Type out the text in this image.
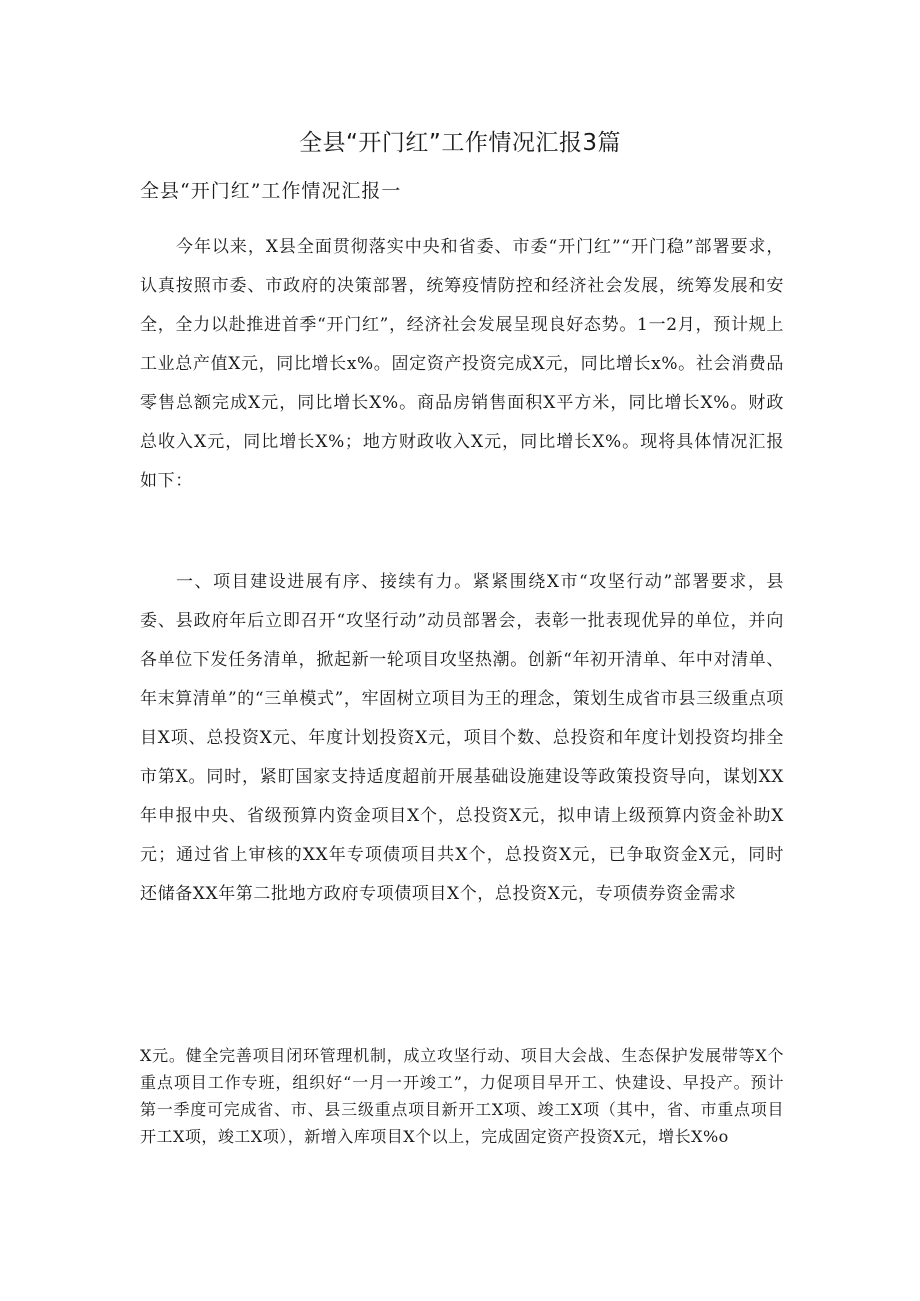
全县“开门红”工作情况汇报3篇
全县“开门红”工作情况汇报一

今年以来，X县全面贯彻落实中央和省委、市委“开门红”“开门稳”部署要求，认真按照市委、市政府的决策部署，统筹疫情防控和经济社会发展，统筹发展和安全，全力以赴推进首季“开门红”，经济社会发展呈现良好态势。1一2月，预计规上工业总产值X元，同比增长x%。固定资产投资完成X元，同比增长x%。社会消费品零售总额完成X元，同比增长X%。商品房销售面积X平方米，同比增长X%。财政总收入X元，同比增长X%；地方财政收入X元，同比增长X%。现将具体情况汇报如下：

一、项目建设进展有序、接续有力。紧紧围绕X市“攻坚行动”部署要求，县委、县政府年后立即召开“攻坚行动”动员部署会，表彰一批表现优异的单位，并向各单位下发任务清单，掀起新一轮项目攻坚热潮。创新“年初开清单、年中对清单、年末算清单”的“三单模式”，牢固树立项目为王的理念，策划生成省市县三级重点项目X项、总投资X元、年度计划投资X元，项目个数、总投资和年度计划投资均排全市第X。同时，紧盯国家支持适度超前开展基础设施建设等政策投资导向，谋划XX年申报中央、省级预算内资金项目X个，总投资X元，拟申请上级预算内资金补助X元；通过省上审核的XX年专项债项目共X个，总投资X元，已争取资金X元，同时还储备XX年第二批地方政府专项债项目X个，总投资X元，专项债券资金需求

X元。健全完善项目闭环管理机制，成立攻坚行动、项目大会战、生态保护发展带等X个重点项目工作专班，组织好“一月一开竣工”，力促项目早开工、快建设、早投产。预计第一季度可完成省、市、县三级重点项目新开工X项、竣工X项（其中，省、市重点项目开工X项，竣工X项），新增入库项目X个以上，完成固定资产投资X元，增长X%o
